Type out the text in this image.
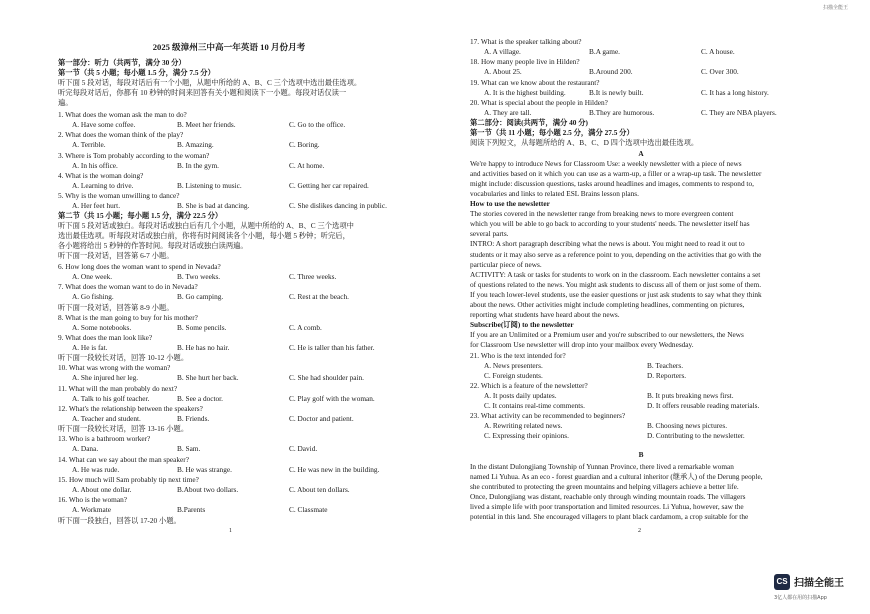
扫描全能王
2025 级漳州三中高一年英语 10 月份月考
第一部分：听力（共两节，满分 30 分）
第一节（共 5 小题；每小题 1.5 分，满分 7.5 分）
听下面 5 段对话，每段对话后有一个小题，从题中所给的 A、B、C 三个选项中选出最佳选项。
听完每段对话后，你都有 10 秒钟的时间来回答有关小题和阅读下一小题。每段对话仅读一
遍。
1. What does the woman ask the man to do?
A. Have some coffee.	B. Meet her friends.	C. Go to the office.
2. What does the woman think of the play?
A. Terrible.	B. Amazing.	C. Boring.
3. Where is Tom probably according to the woman?
A. In his office.	B. In the gym.	C. At home.
4. What is the woman doing?
A. Learning to drive.	B. Listening to music.	C. Getting her car repaired.
5. Why is the woman unwilling to dance?
A. Her feet hurt.	B. She is bad at dancing.	C. She dislikes dancing in public.
第二节（共 15 小题；每小题 1.5 分，满分 22.5 分）
听下面 5 段对话或独白。每段对话或独白后有几个小题，从题中所给的 A、B、C 三个选项中
选出最佳选项。听每段对话或独白前，你将有时间阅读各个小题，每小题 5 秒钟；听完后，
各小题将给出 5 秒钟的作答时间。每段对话或独白读两遍。
听下面一段对话，回答第 6-7 小题。
6. How long does the woman want to spend in Nevada?
A. One week.	B. Two weeks.	C. Three weeks.
7. What does the woman want to do in Nevada?
A. Go fishing.	B. Go camping.	C. Rest at the beach.
听下面一段对话，回答第 8-9 小题。
8. What is the man going to buy for his mother?
A. Some notebooks.	B. Some pencils.	C. A comb.
9. What does the man look like?
A. He is fat.	B. He has no hair.	C. He is taller than his father.
听下面一段较长对话，回答 10-12 小题。
10. What was wrong with the woman?
A. She injured her leg.	B. She hurt her back.	C. She had shoulder pain.
11. What will the man probably do next?
A. Talk to his golf teacher.	B. See a doctor.	C. Play golf with the woman.
12. What's the relationship between the speakers?
A. Teacher and student.	B. Friends.	C. Doctor and patient.
听下面一段较长对话，回答 13-16 小题。
13. Who is a bathroom worker?
A. Dana.	B. Sam.	C. David.
14. What can we say about the man speaker?
A. He was rude.	B. He was strange.	C. He was new in the building.
15. How much will Sam probably tip next time?
A. About one dollar.	B.About two dollars.	C. About ten dollars.
16. Who is the woman?
A. Workmate	B.Parents	C. Classmate
听下面一段独白，回答以 17-20 小题。
17. What is the speaker talking about?
A. A village.	B.A game.	C. A house.
18. How many people live in Hilden?
A. About 25.	B.Around 200.	C. Over 300.
19. What can we know about the restaurant?
A. It is the highest building.	B.It is newly built.	C. It has a long history.
20. What is special about the people in Hilden?
A. They are tall.	B.They are humorous.	C. They are NBA players.
第二部分：阅读(共两节，满分 40 分)
第一节（共 11 小题；每小题 2.5 分，满分 27.5 分）
阅读下列短文，从每题所给的 A、B、C、D 四个选项中选出最佳选项。
A
We're happy to introduce News for Classroom Use: a weekly newsletter with a piece of news
and activities based on it which you can use as a warm-up, a filler or a wrap-up task. The newsletter
might include: discussion questions, tasks around headlines and images, comments to respond to,
vocabularies and links to related ESL Brains lesson plans.
How to use the newsletter
The stories covered in the newsletter range from breaking news to more evergreen content
which you will be able to go back to according to your students' needs. The newsletter itself has
several parts.
INTRO: A short paragraph describing what the news is about. You might need to read it out to
students or it may also serve as a reference point to you, depending on the activities that go with the
particular piece of news.
ACTIVITY: A task or tasks for students to work on in the classroom. Each newsletter contains a set
of questions related to the news. You might ask students to discuss all of them or just some of them.
If you teach lower-level students, use the easier questions or just ask students to say what they think
about the news. Other activities might include completing headlines, commenting on pictures,
reporting what students have heard about the news.
Subscribe(订阅) to the newsletter
If you are an Unlimited or a Premium user and you're subscribed to our newsletters, the News
for Classroom Use newsletter will drop into your mailbox every Wednesday.
21. Who is the text intended for?
A. News presenters.	B. Teachers.
C. Foreign students.	D. Reporters.
22. Which is a feature of the newsletter?
A. It posts daily updates.	B. It puts breaking news first.
C. It contains real-time comments.	D. It offers reusable reading materials.
23. What activity can be recommended to beginners?
A. Rewriting related news.	B. Choosing news pictures.
C. Expressing their opinions.	D. Contributing to the newsletter.
B
In the distant Dulongjiang Township of Yunnan Province, there lived a remarkable woman
named Li Yuhua. As an eco - forest guardian and a cultural inheritor (继承人) of the Derung people,
she contributed to protecting the green mountains and helping villagers achieve a better life.
Once, Dulongjiang was distant, reachable only through winding mountain roads. The villagers
lived a simple life with poor transportation and limited resources. Li Yuhua, however, saw the
potential in this land. She encouraged villagers to plant black cardamom, a crop suitable for the
1	2
CS 扫描全能王
3亿人都在用的扫描App
